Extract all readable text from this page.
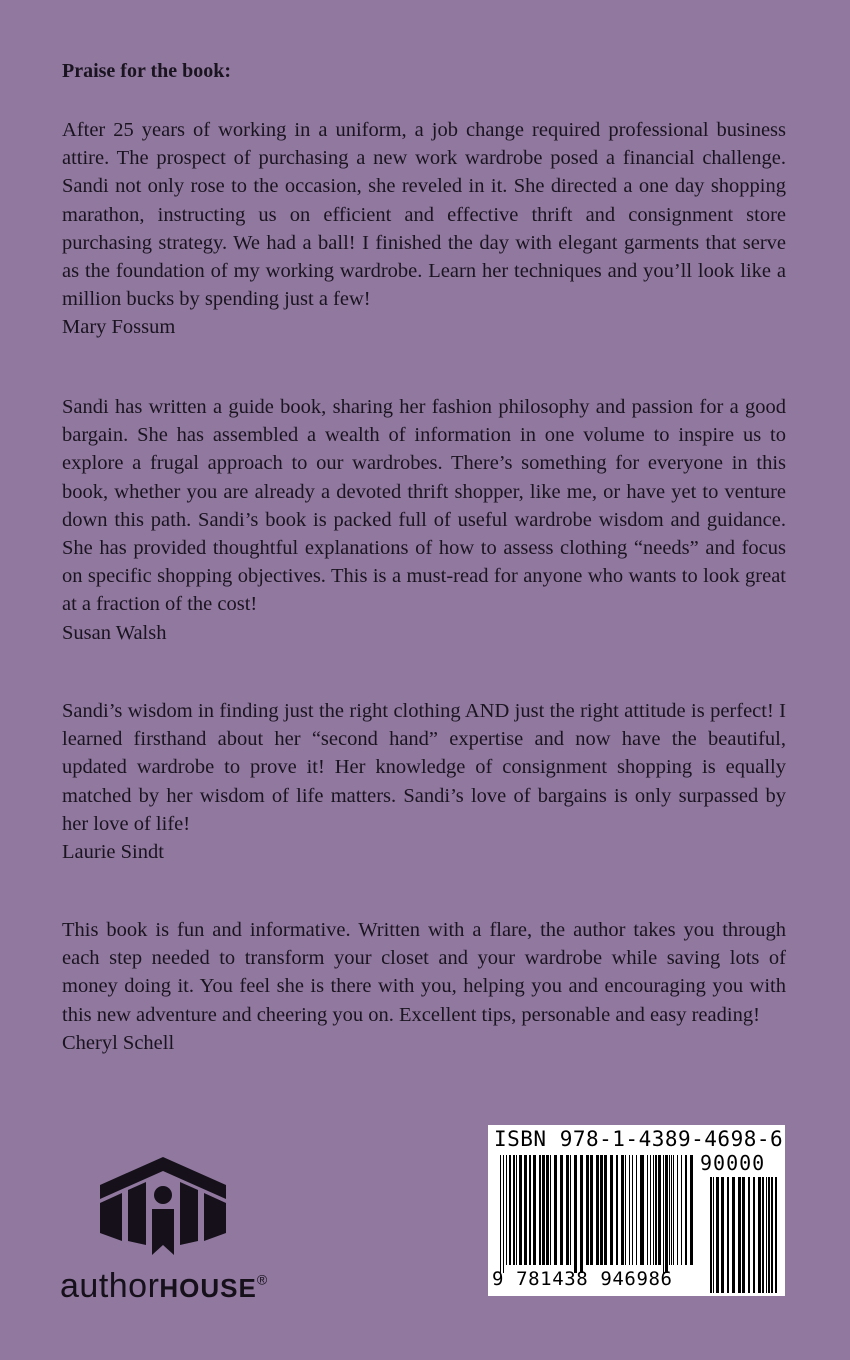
Praise for the book:

After 25 years of working in a uniform, a job change required professional business attire. The prospect of purchasing a new work wardrobe posed a financial challenge. Sandi not only rose to the occasion, she reveled in it. She directed a one day shopping marathon, instructing us on efficient and effective thrift and consignment store purchasing strategy. We had a ball! I finished the day with elegant garments that serve as the foundation of my working wardrobe. Learn her techniques and you’ll look like a million bucks by spending just a few!

Mary Fossum

Sandi has written a guide book, sharing her fashion philosophy and passion for a good bargain. She has assembled a wealth of information in one volume to inspire us to explore a frugal approach to our wardrobes. There’s something for everyone in this book, whether you are already a devoted thrift shopper, like me, or have yet to venture down this path. Sandi’s book is packed full of useful wardrobe wisdom and guidance. She has provided thoughtful explanations of how to assess clothing “needs” and focus on specific shopping objectives. This is a must-read for anyone who wants to look great at a fraction of the cost!

Susan Walsh

Sandi’s wisdom in finding just the right clothing AND just the right attitude is perfect! I learned firsthand about her “second hand” expertise and now have the beautiful, updated wardrobe to prove it! Her knowledge of consignment shopping is equally matched by her wisdom of life matters. Sandi’s love of bargains is only surpassed by her love of life!

Laurie Sindt

This book is fun and informative. Written with a flare, the author takes you through each step needed to transform your closet and your wardrobe while saving lots of money doing it. You feel she is there with you, helping you and encouraging you with this new adventure and cheering you on. Excellent tips, personable and easy reading!

Cheryl Schell

authorHOUSE®
ISBN 978-1-4389-4698-6
90000
9 781438 946986
